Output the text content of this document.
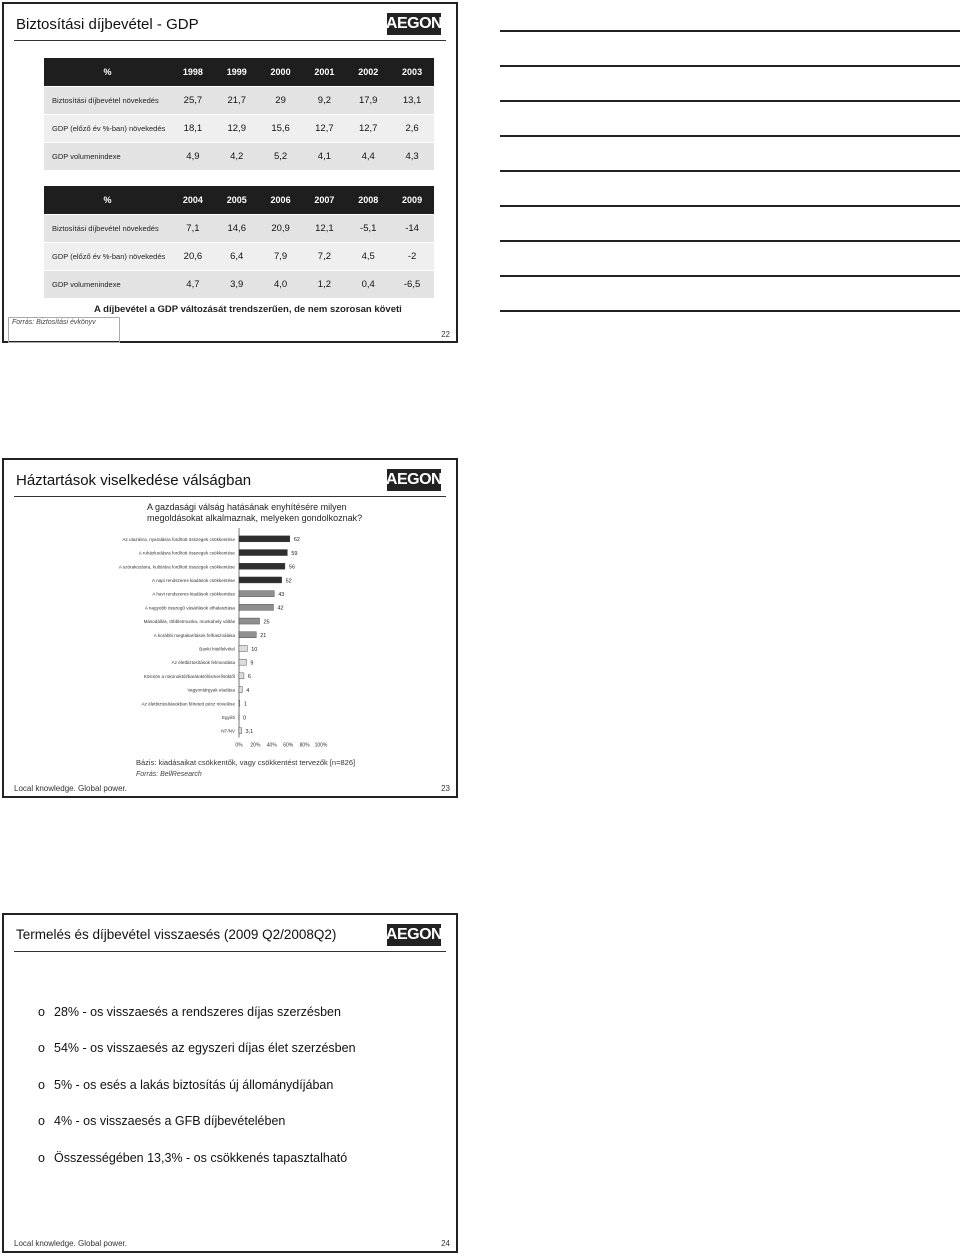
Biztosítási díjbevétel - GDP	AEGON
%	1998	1999	2000	2001	2002	2003
Biztosítási díjbevétel növekedés	25,7	21,7	29	9,2	17,9	13,1
GDP (előző év %-ban) növekedés	18,1	12,9	15,6	12,7	12,7	2,6
GDP volumenindexe	4,9	4,2	5,2	4,1	4,4	4,3
%	2004	2005	2006	2007	2008	2009
Biztosítási díjbevétel növekedés	7,1	14,6	20,9	12,1	-5,1	-14
GDP (előző év %-ban) növekedés	20,6	6,4	7,9	7,2	4,5	-2
GDP volumenindexe	4,7	3,9	4,0	1,2	0,4	-6,5
A díjbevétel a GDP változását trendszerűen, de nem szorosan követi
Forrás: Biztosítási évkönyv
22
Háztartások viselkedése válságban	AEGON
A gazdasági válság hatásának enyhítésére milyen
megoldásokat alkalmaznak, melyeken gondolkoznak?
62
Az utazásra, nyaralásra fordított összegek csökkentése
59
A ruházkodásra fordított összegek csökkentése
56
A szórakozásra, kultúrára fordított összegek csökkentése
52
A napi rendszeres kiadások csökkentése
43
A havi rendszeres kiadások csökkentése
42
A nagyobb összegű vásárlások elhalasztása
25
Másodállás, többletmunka, munkahely váltás
21
A korábbi megtakarítások felhasználása
10
Banki hitelfelvétel
9
Az életbiztosítások felmondása
6
Kölcsön a rokonoktól/barátoktól/ismerősöktől
4
Vagyontárgyak eladása
1
Az életbiztosításokban félretett pénz növelése
0
Egyéb
3,1
NT/NV
0% 20% 40% 60% 80% 100%
Bázis: kiadásaikat csökkentők, vagy csökkentést tervezők [n=826]
Forrás: BellResearch
Local knowledge. Global power.	23
Termelés és díjbevétel visszaesés (2009 Q2/2008Q2)	AEGON
Local knowledge. Global power.	24
o 28% - os visszaesés a rendszeres díjas szerzésben
o 54% - os visszaesés az egyszeri díjas élet szerzésben
o 5% - os esés a lakás biztosítás új állománydíjában
o 4% - os visszaesés a GFB díjbevételében
o Összességében 13,3% - os csökkenés tapasztalható
